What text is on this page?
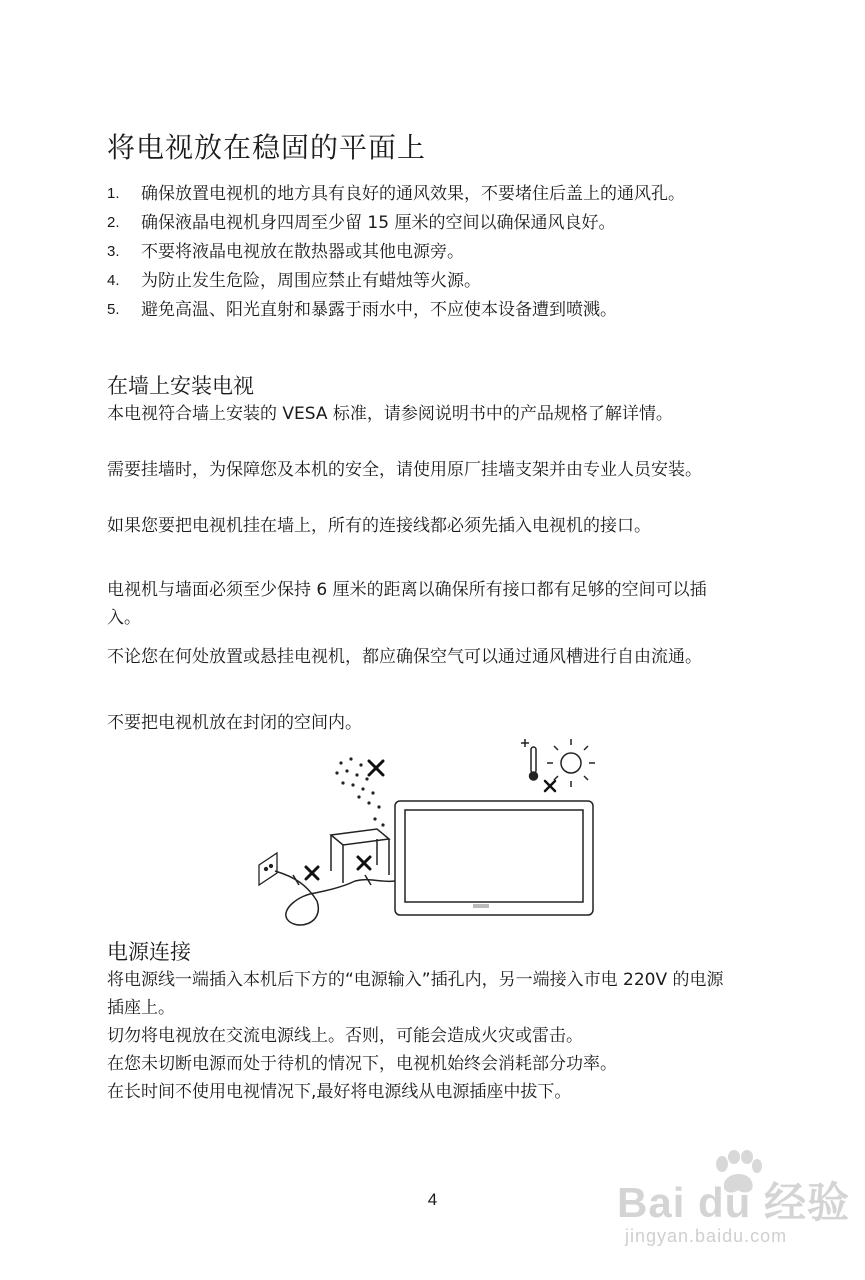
将电视放在稳固的平面上
1. 确保放置电视机的地方具有良好的通风效果，不要堵住后盖上的通风孔。
2. 确保液晶电视机身四周至少留 15 厘米的空间以确保通风良好。
3. 不要将液晶电视放在散热器或其他电源旁。
4. 为防止发生危险，周围应禁止有蜡烛等火源。
5. 避免高温、阳光直射和暴露于雨水中，不应使本设备遭到喷溅。
在墙上安装电视

本电视符合墙上安装的 VESA 标准，请参阅说明书中的产品规格了解详情。

需要挂墙时，为保障您及本机的安全，请使用原厂挂墙支架并由专业人员安装。

如果您要把电视机挂在墙上，所有的连接线都必须先插入电视机的接口。

电视机与墙面必须至少保持 6 厘米的距离以确保所有接口都有足够的空间可以插入。

不论您在何处放置或悬挂电视机，都应确保空气可以通过通风槽进行自由流通。

不要把电视机放在封闭的空间内。

电源连接

将电源线一端插入本机后下方的“电源输入”插孔内，另一端接入市电 220V 的电源插座上。

切勿将电视放在交流电源线上。否则，可能会造成火灾或雷击。

在您未切断电源而处于待机的情况下，电视机始终会消耗部分功率。

在长时间不使用电视情况下,最好将电源线从电源插座中拔下。

4	Bai du 经验
jingyan.baidu.com
